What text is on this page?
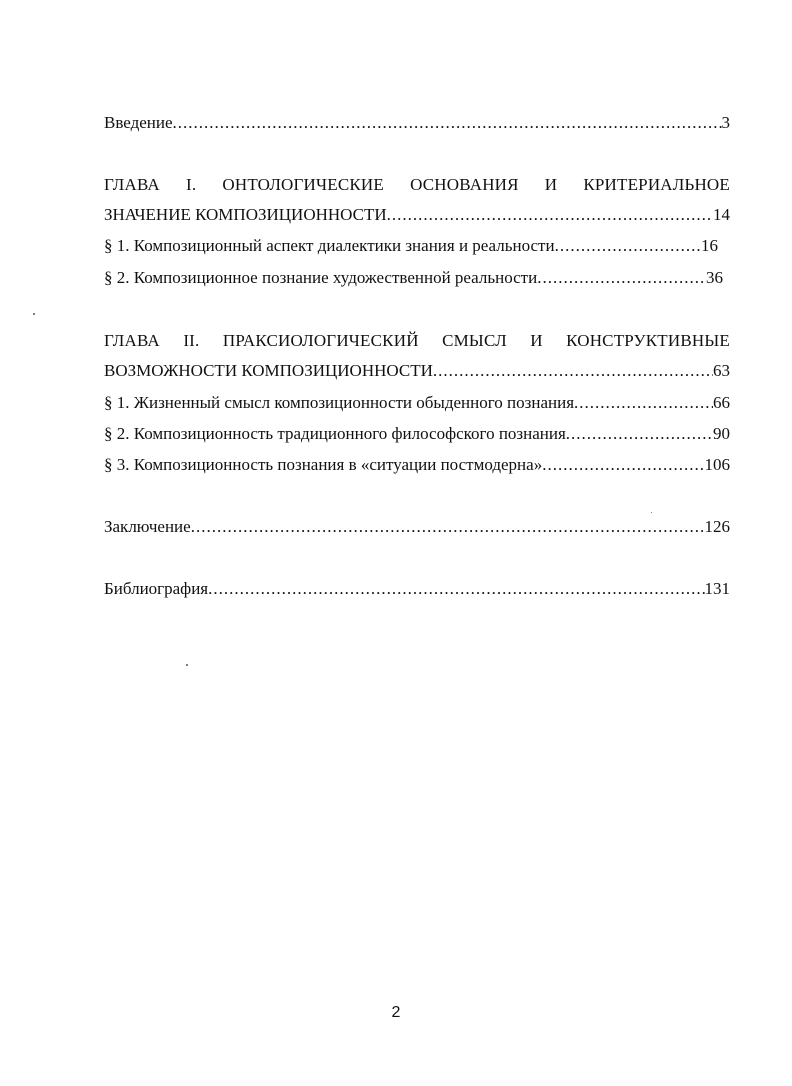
Введение .....	3
ГЛАВА I. ОНТОЛОГИЧЕСКИЕ ОСНОВАНИЯ И КРИТЕРИАЛЬНОЕ
ЗНАЧЕНИЕ КОМПОЗИЦИОННОСТИ .....	14
§ 1. Композиционный аспект диалектики знания и реальности .....	16
§ 2. Композиционное познание художественной реальности .....	36
ГЛАВА II. ПРАКСИОЛОГИЧЕСКИЙ СМЫСЛ И КОНСТРУКТИВНЫЕ
ВОЗМОЖНОСТИ КОМПОЗИЦИОННОСТИ .....	63
§ 1. Жизненный смысл композиционности обыденного познания .....	66
§ 2. Композиционность традиционного философского познания .....	90
§ 3. Композиционность познания в «ситуации постмодерна» .....	106
Заключение .....	126
Библиография .....	131
2
